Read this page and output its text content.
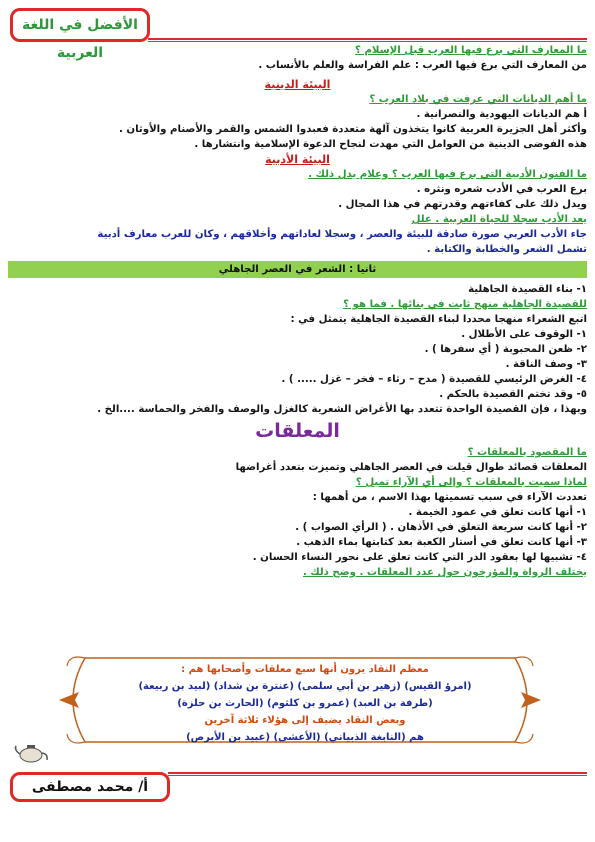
الأفضل في اللغة العربية	ما المعارف التي برع فيها العرب قبل الإسلام ؟
من المعارف التي برع فيها العرب : علم الفراسة والعلم بالأنساب .
البيئة الدينية
ما أهم الديانات التي عرفت في بلاد العرب ؟
أ هم الديانات اليهودية والنصرانية .
وأكثر أهل الجزيرة العربية كانوا يتخذون آلهة متعددة فعبدوا الشمس والقمر والأصنام والأوثان .
هذه الفوضى الدينية من العوامل التي مهدت لنجاح الدعوة الإسلامية وانتشارها .
البيئة الأدبية
ما الفنون الأدبية التي برع فيها العرب ؟ وعلام يدل ذلك .
برع العرب في الأدب شعره ونثره .
ويدل ذلك على كفاءتهم وقدرتهم في هذا المجال .
يعد الأدب سجلا للحياة العربية . علل
جاء الأدب العربي صورة صادقة للبيئة والعصر ، وسجلا لعاداتهم وأخلاقهم ، وكان للعرب معارف أدبية
تشمل الشعر والخطابة والكتابة .
ثانيا : الشعر في العصر الجاهلي
١- بناء القصيدة الجاهلية
للقصيدة الجاهلية منهج ثابت في بنائها . فما هو ؟
اتبع الشعراء منهجا محددا لبناء القصيدة الجاهلية يتمثل في :
١- الوقوف على الأطلال .
٢- ظعن المحبوبة ( أي سفرها ) .
٣- وصف الناقة .
٤- الغرض الرئيسي للقصيدة ( مدح – رثاء – فخر – غزل ..... ) .
٥- وقد تختم القصيدة بالحكم .
وبهذا ، فإن القصيدة الواحدة تتعدد بها الأغراض الشعرية كالغزل والوصف والفخر والحماسة ....الخ .
المعلقات
ما المقصود بالمعلقات ؟
المعلقات قصائد طوال قيلت في العصر الجاهلي وتميزت بتعدد أغراضها
لماذا سميت بالمعلقات ؟ وإلى أي الآراء تميل ؟
تعددت الآراء في سبب تسميتها بهذا الاسم ، من أهمها :
١- أنها كانت تعلق في عمود الخيمة .
٢- أنها كانت سريعة التعلق في الأذهان . ( الرأي الصواب ) .
٣- أنها كانت تعلق في أستار الكعبة بعد كتابتها بماء الذهب .
٤- تشبيها لها بعقود الدر التي كانت تعلق على نحور النساء الحسان .
يختلف الرواة والمؤرخون حول عدد المعلقات . وضح ذلك .
معظم النقاد يرون أنها سبع معلقات وأصحابها هم :
(امرؤ القيس) (زهير بن أبي سلمى) (عنترة بن شداد) (لبيد بن ربيعة)
(طرفة بن العبد) (عمرو بن كلثوم) (الحارث بن حلزة)
وبعض النقاد يضيف إلى هؤلاء ثلاثة آخرين
هم (النابغة الذبياني) (الأعشى) (عبيد بن الأبرص)
أ/ محمد مصطفى
